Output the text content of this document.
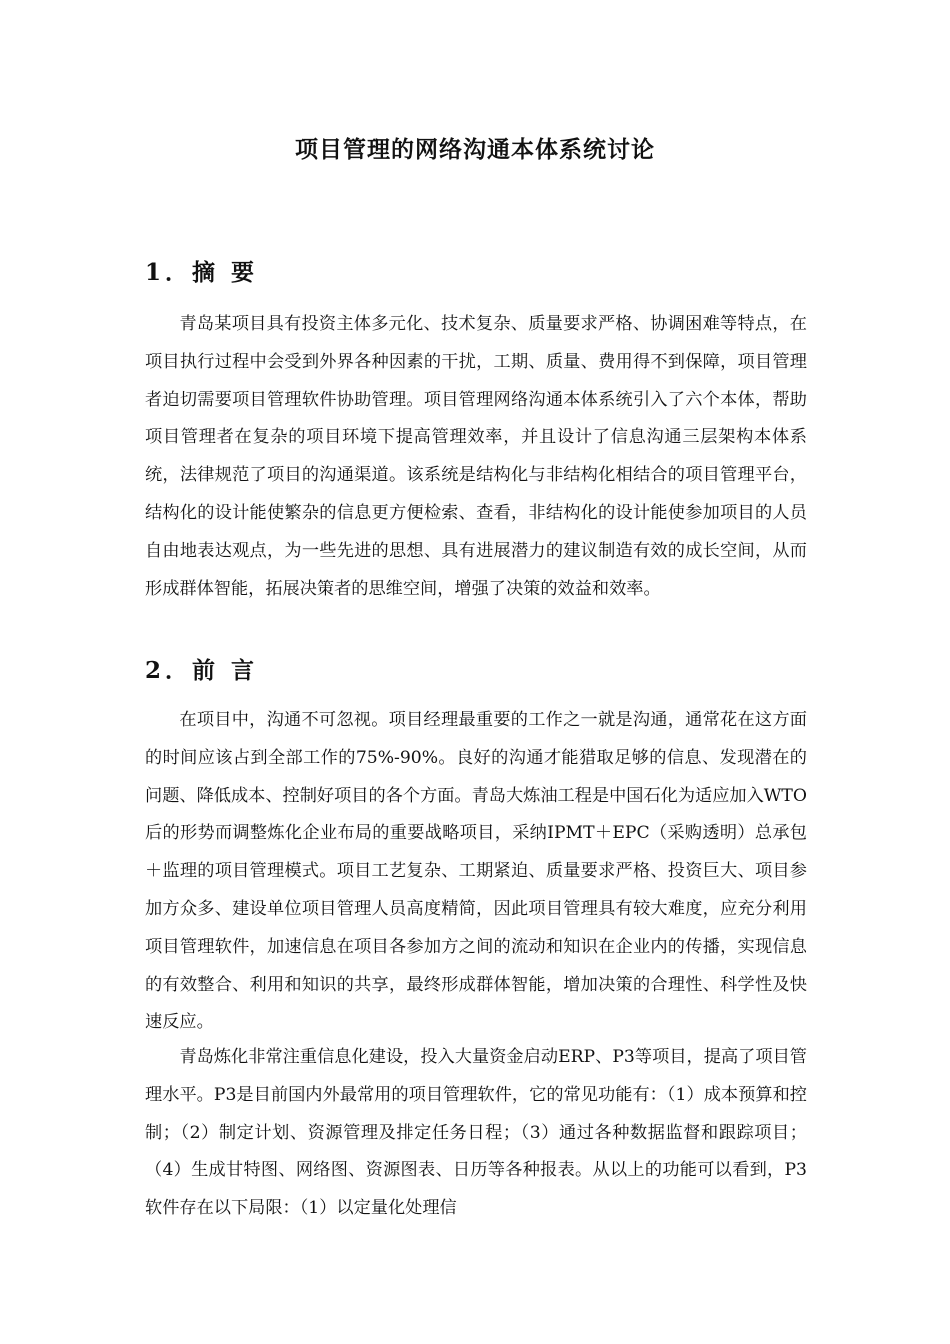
项目管理的网络沟通本体系统讨论
1．摘 要

青岛某项目具有投资主体多元化、技术复杂、质量要求严格、协调困难等特点，在项目执行过程中会受到外界各种因素的干扰，工期、质量、费用得不到保障，项目管理者迫切需要项目管理软件协助管理。项目管理网络沟通本体系统引入了六个本体，帮助项目管理者在复杂的项目环境下提高管理效率，并且设计了信息沟通三层架构本体系统，法律规范了项目的沟通渠道。该系统是结构化与非结构化相结合的项目管理平台，结构化的设计能使繁杂的信息更方便检索、查看，非结构化的设计能使参加项目的人员自由地表达观点，为一些先进的思想、具有进展潜力的建议制造有效的成长空间，从而形成群体智能，拓展决策者的思维空间，增强了决策的效益和效率。

2．前 言

在项目中，沟通不可忽视。项目经理最重要的工作之一就是沟通，通常花在这方面的时间应该占到全部工作的75%-90%。良好的沟通才能猎取足够的信息、发现潜在的问题、降低成本、控制好项目的各个方面。青岛大炼油工程是中国石化为适应加入WTO后的形势而调整炼化企业布局的重要战略项目，采纳IPMT＋EPC（采购透明）总承包＋监理的项目管理模式。项目工艺复杂、工期紧迫、质量要求严格、投资巨大、项目参加方众多、建设单位项目管理人员高度精简，因此项目管理具有较大难度，应充分利用项目管理软件，加速信息在项目各参加方之间的流动和知识在企业内的传播，实现信息的有效整合、利用和知识的共享，最终形成群体智能，增加决策的合理性、科学性及快速反应。

青岛炼化非常注重信息化建设，投入大量资金启动ERP、P3等项目，提高了项目管理水平。P3是目前国内外最常用的项目管理软件，它的常见功能有：（1）成本预算和控制；（2）制定计划、资源管理及排定任务日程；（3）通过各种数据监督和跟踪项目；（4）生成甘特图、网络图、资源图表、日历等各种报表。从以上的功能可以看到，P3软件存在以下局限：（1）以定量化处理信
